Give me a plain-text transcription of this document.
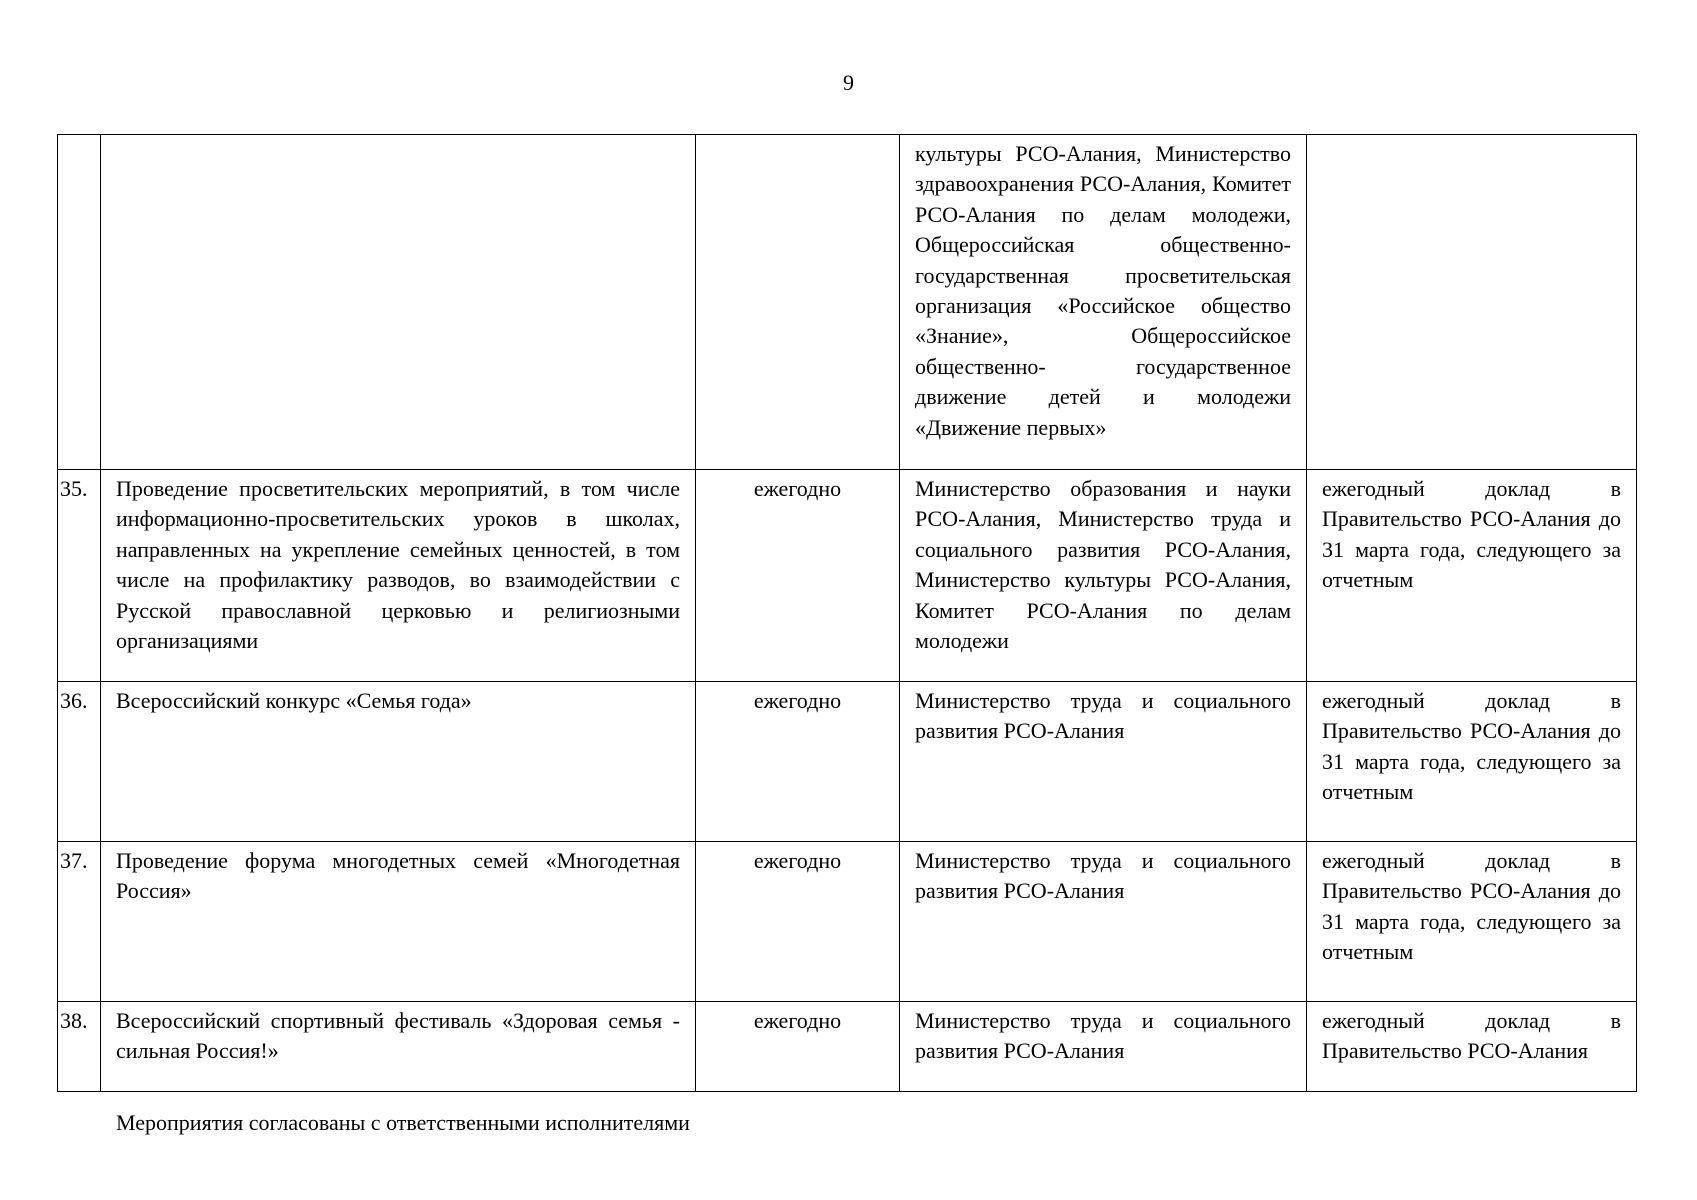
9
			культуры РСО-Алания, Министерство здравоохранения РСО-Алания, Комитет РСО-Алания по делам молодежи, Общероссийская общественно-государственная просветительская организация «Российское общество «Знание», Общероссийское общественно- государственное движение детей и молодежи «Движение первых»	
35.	Проведение просветительских мероприятий, в том числе информационно-просветительских уроков в школах, направленных на укрепление семейных ценностей, в том числе на профилактику разводов, во взаимодействии с Русской православной церковью и религиозными организациями	ежегодно	Министерство образования и науки РСО-Алания, Министерство труда и социального развития РСО-Алания, Министерство культуры РСО-Алания, Комитет РСО-Алания по делам молодежи	ежегодный доклад в Правительство РСО-Алания до 31 марта года, следующего за отчетным
36.	Всероссийский конкурс «Семья года»	ежегодно	Министерство труда и социального развития РСО-Алания	ежегодный доклад в Правительство РСО-Алания до 31 марта года, следующего за отчетным
37.	Проведение форума многодетных семей «Многодетная Россия»	ежегодно	Министерство труда и социального развития РСО-Алания	ежегодный доклад в Правительство РСО-Алания до 31 марта года, следующего за отчетным
38.	Всероссийский спортивный фестиваль «Здоровая семья - сильная Россия!»	ежегодно	Министерство труда и социального развития РСО-Алания	ежегодный доклад в Правительство РСО-Алания
Мероприятия согласованы с ответственными исполнителями
